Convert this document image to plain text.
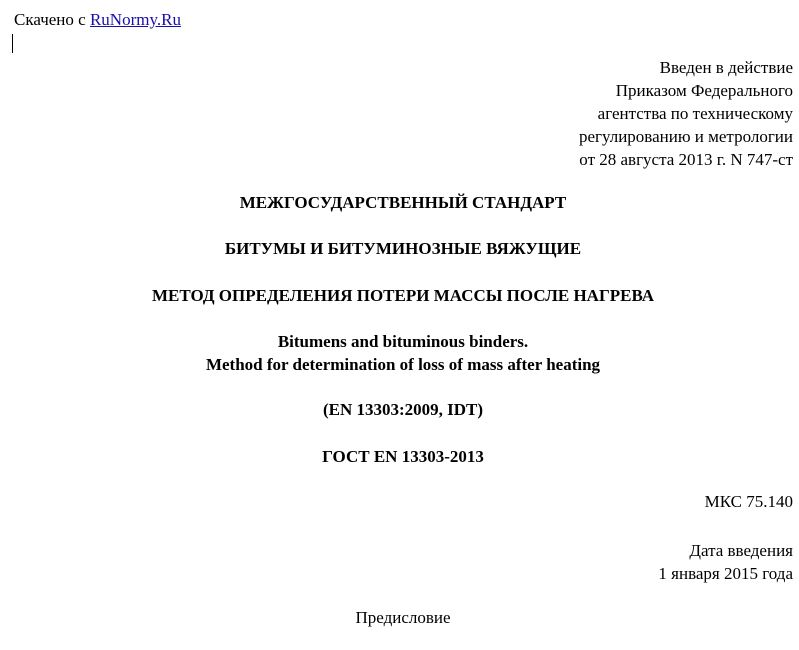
Скачено с RuNormy.Ru
Введен в действие
Приказом Федерального
агентства по техническому
регулированию и метрологии
от 28 августа 2013 г. N 747-ст
МЕЖГОСУДАРСТВЕННЫЙ СТАНДАРТ
БИТУМЫ И БИТУМИНОЗНЫЕ ВЯЖУЩИЕ
МЕТОД ОПРЕДЕЛЕНИЯ ПОТЕРИ МАССЫ ПОСЛЕ НАГРЕВА
Bitumens and bituminous binders.
Method for determination of loss of mass after heating
(EN 13303:2009, IDT)
ГОСТ EN 13303-2013
МКС 75.140
Дата введения
1 января 2015 года
Предисловие
